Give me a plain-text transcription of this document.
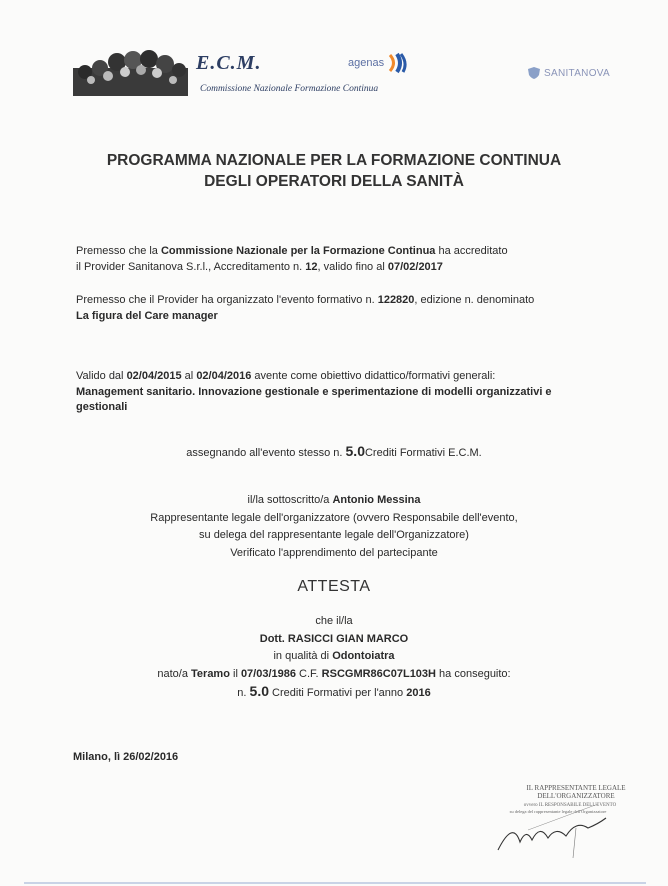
E.C.M.
Commissione Nazionale Formazione Continua
agenas
SANITANOVA
PROGRAMMA NAZIONALE PER LA FORMAZIONE CONTINUA
DEGLI OPERATORI DELLA SANITÀ
Premesso che la Commissione Nazionale per la Formazione Continua ha accreditato
il Provider Sanitanova S.r.l., Accreditamento n. 12, valido fino al 07/02/2017
Premesso che il Provider ha organizzato l'evento formativo n. 122820, edizione n. denominato
La figura del Care manager
Valido dal 02/04/2015 al 02/04/2016 avente come obiettivo didattico/formativi generali:
Management sanitario. Innovazione gestionale e sperimentazione di modelli organizzativi e
gestionali
assegnando all'evento stesso n. 5.0Crediti Formativi E.C.M.
il/la sottoscritto/a Antonio Messina
Rappresentante legale dell'organizzatore (ovvero Responsabile dell'evento,
su delega del rappresentante legale dell'Organizzatore)
Verificato l'apprendimento del partecipante
ATTESTA
che il/la
Dott. RASICCI GIAN MARCO
in qualità di Odontoiatra
nato/a Teramo il 07/03/1986 C.F. RSCGMR86C07L103H ha conseguito:
n. 5.0 Crediti Formativi per l'anno 2016
Milano, lì 26/02/2016
IL RAPPRESENTANTE LEGALE
DELL'ORGANIZZATORE
ovvero IL RESPONSABILE DELL'EVENTO
su delega del rappresentante legale dell'Organizzatore
